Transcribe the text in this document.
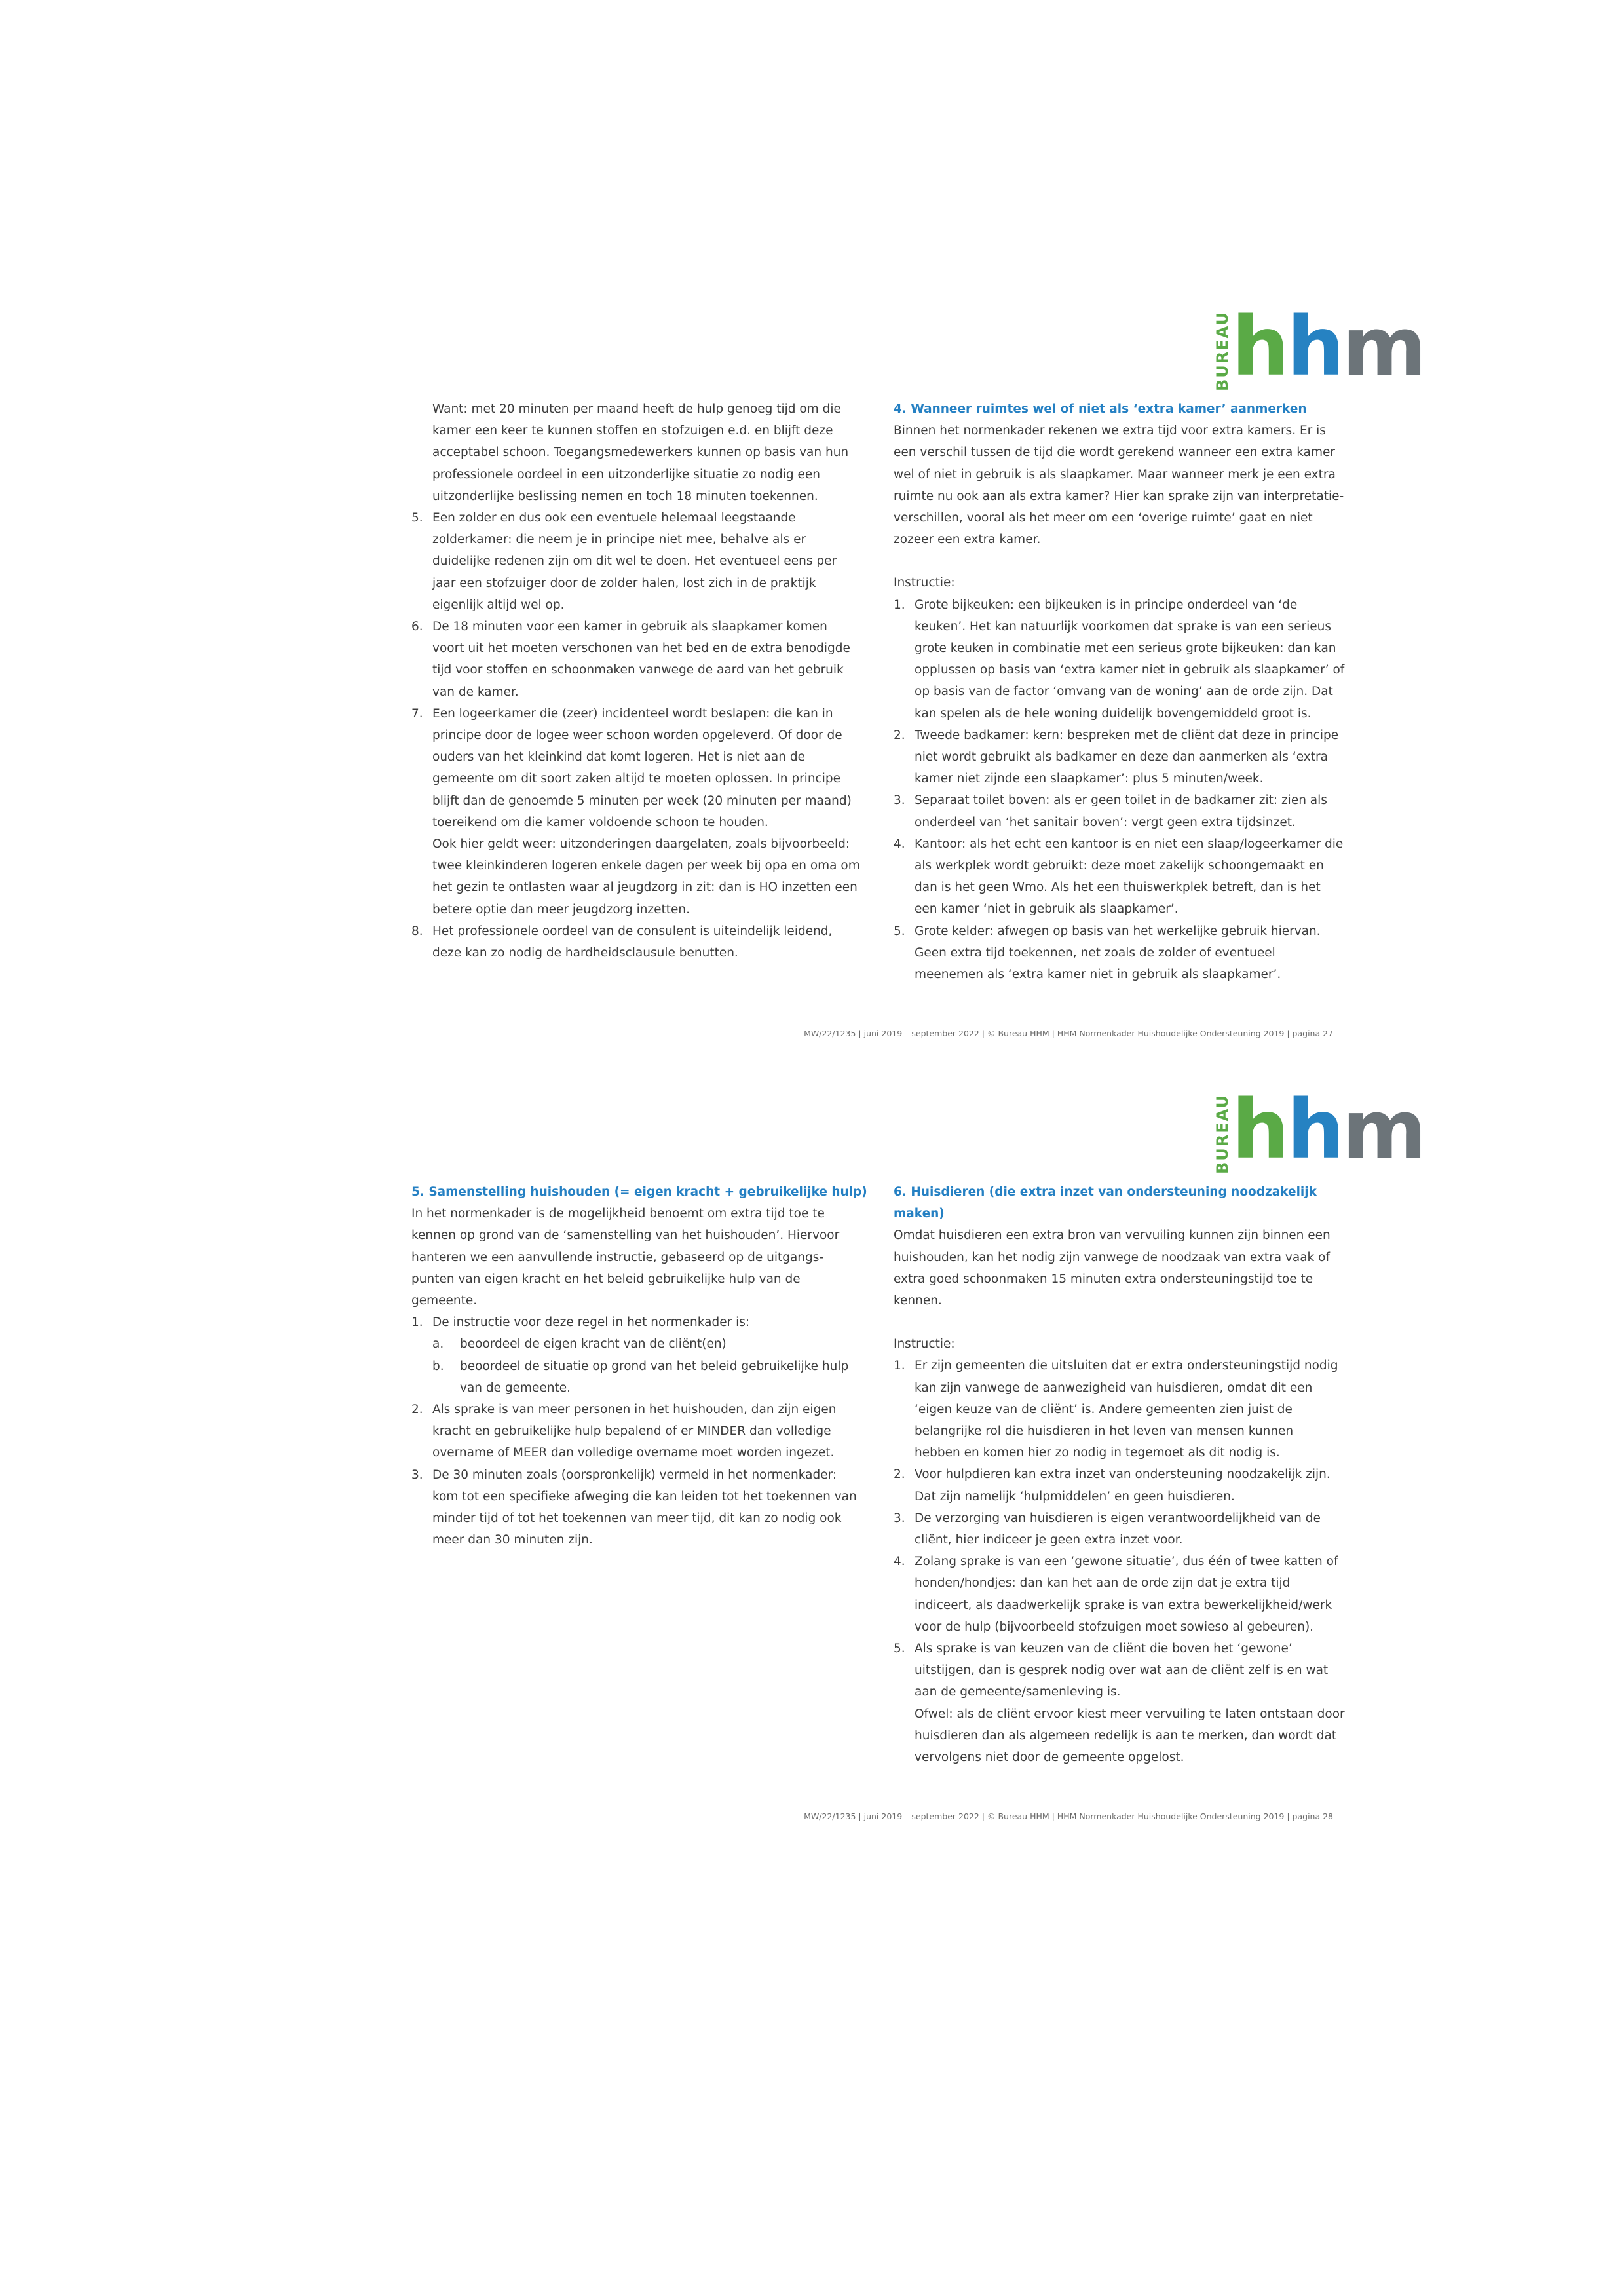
BUREAU hhm

Want: met 20 minuten per maand heeft de hulp genoeg tijd om die

kamer een keer te kunnen stoffen en stofzuigen e.d. en blijft deze

acceptabel schoon. Toegangsmedewerkers kunnen op basis van hun

professionele oordeel in een uitzonderlijke situatie zo nodig een

uitzonderlijke beslissing nemen en toch 18 minuten toekennen.

5. Een zolder en dus ook een eventuele helemaal leegstaande

zolderkamer: die neem je in principe niet mee, behalve als er

duidelijke redenen zijn om dit wel te doen. Het eventueel eens per

jaar een stofzuiger door de zolder halen, lost zich in de praktijk

eigenlijk altijd wel op.

6. De 18 minuten voor een kamer in gebruik als slaapkamer komen

voort uit het moeten verschonen van het bed en de extra benodigde

tijd voor stoffen en schoonmaken vanwege de aard van het gebruik

van de kamer.

7. Een logeerkamer die (zeer) incidenteel wordt beslapen: die kan in

principe door de logee weer schoon worden opgeleverd. Of door de

ouders van het kleinkind dat komt logeren. Het is niet aan de

gemeente om dit soort zaken altijd te moeten oplossen. In principe

blijft dan de genoemde 5 minuten per week (20 minuten per maand)

toereikend om die kamer voldoende schoon te houden.

Ook hier geldt weer: uitzonderingen daargelaten, zoals bijvoorbeeld:

twee kleinkinderen logeren enkele dagen per week bij opa en oma om

het gezin te ontlasten waar al jeugdzorg in zit: dan is HO inzetten een

betere optie dan meer jeugdzorg inzetten.

8. Het professionele oordeel van de consulent is uiteindelijk leidend,

deze kan zo nodig de hardheidsclausule benutten.

4. Wanneer ruimtes wel of niet als ‘extra kamer’ aanmerken

Binnen het normenkader rekenen we extra tijd voor extra kamers. Er is

een verschil tussen de tijd die wordt gerekend wanneer een extra kamer

wel of niet in gebruik is als slaapkamer. Maar wanneer merk je een extra

ruimte nu ook aan als extra kamer? Hier kan sprake zijn van interpretatie-

verschillen, vooral als het meer om een ‘overige ruimte’ gaat en niet

zozeer een extra kamer.

Instructie:

1. Grote bijkeuken: een bijkeuken is in principe onderdeel van ‘de

keuken’. Het kan natuurlijk voorkomen dat sprake is van een serieus

grote keuken in combinatie met een serieus grote bijkeuken: dan kan

opplussen op basis van ‘extra kamer niet in gebruik als slaapkamer’ of

op basis van de factor ‘omvang van de woning’ aan de orde zijn. Dat

kan spelen als de hele woning duidelijk bovengemiddeld groot is.

2. Tweede badkamer: kern: bespreken met de cliënt dat deze in principe

niet wordt gebruikt als badkamer en deze dan aanmerken als ‘extra

kamer niet zijnde een slaapkamer’: plus 5 minuten/week.

3. Separaat toilet boven: als er geen toilet in de badkamer zit: zien als

onderdeel van ‘het sanitair boven’: vergt geen extra tijdsinzet.

4. Kantoor: als het echt een kantoor is en niet een slaap/logeerkamer die

als werkplek wordt gebruikt: deze moet zakelijk schoongemaakt en

dan is het geen Wmo. Als het een thuiswerkplek betreft, dan is het

een kamer ‘niet in gebruik als slaapkamer’.

5. Grote kelder: afwegen op basis van het werkelijke gebruik hiervan.

Geen extra tijd toekennen, net zoals de zolder of eventueel

meenemen als ‘extra kamer niet in gebruik als slaapkamer’.

MW/22/1235 | juni 2019 – september 2022 | © Bureau HHM | HHM Normenkader Huishoudelijke Ondersteuning 2019 | pagina 27
BUREAU hhm

5. Samenstelling huishouden (= eigen kracht + gebruikelijke hulp)

In het normenkader is de mogelijkheid benoemt om extra tijd toe te

kennen op grond van de ‘samenstelling van het huishouden’. Hiervoor

hanteren we een aanvullende instructie, gebaseerd op de uitgangs-

punten van eigen kracht en het beleid gebruikelijke hulp van de

gemeente.

1. De instructie voor deze regel in het normenkader is:

a. beoordeel de eigen kracht van de cliënt(en)

b. beoordeel de situatie op grond van het beleid gebruikelijke hulp

van de gemeente.

2. Als sprake is van meer personen in het huishouden, dan zijn eigen

kracht en gebruikelijke hulp bepalend of er MINDER dan volledige

overname of MEER dan volledige overname moet worden ingezet.

3. De 30 minuten zoals (oorspronkelijk) vermeld in het normenkader:

kom tot een specifieke afweging die kan leiden tot het toekennen van

minder tijd of tot het toekennen van meer tijd, dit kan zo nodig ook

meer dan 30 minuten zijn.

6. Huisdieren (die extra inzet van ondersteuning noodzakelijk

maken)

Omdat huisdieren een extra bron van vervuiling kunnen zijn binnen een

huishouden, kan het nodig zijn vanwege de noodzaak van extra vaak of

extra goed schoonmaken 15 minuten extra ondersteuningstijd toe te

kennen.

Instructie:

1. Er zijn gemeenten die uitsluiten dat er extra ondersteuningstijd nodig

kan zijn vanwege de aanwezigheid van huisdieren, omdat dit een

‘eigen keuze van de cliënt’ is. Andere gemeenten zien juist de

belangrijke rol die huisdieren in het leven van mensen kunnen

hebben en komen hier zo nodig in tegemoet als dit nodig is.

2. Voor hulpdieren kan extra inzet van ondersteuning noodzakelijk zijn.

Dat zijn namelijk ‘hulpmiddelen’ en geen huisdieren.

3. De verzorging van huisdieren is eigen verantwoordelijkheid van de

cliënt, hier indiceer je geen extra inzet voor.

4. Zolang sprake is van een ‘gewone situatie’, dus één of twee katten of

honden/hondjes: dan kan het aan de orde zijn dat je extra tijd

indiceert, als daadwerkelijk sprake is van extra bewerkelijkheid/werk

voor de hulp (bijvoorbeeld stofzuigen moet sowieso al gebeuren).

5. Als sprake is van keuzen van de cliënt die boven het ‘gewone’

uitstijgen, dan is gesprek nodig over wat aan de cliënt zelf is en wat

aan de gemeente/samenleving is.

Ofwel: als de cliënt ervoor kiest meer vervuiling te laten ontstaan door

huisdieren dan als algemeen redelijk is aan te merken, dan wordt dat

vervolgens niet door de gemeente opgelost.

MW/22/1235 | juni 2019 – september 2022 | © Bureau HHM | HHM Normenkader Huishoudelijke Ondersteuning 2019 | pagina 28
